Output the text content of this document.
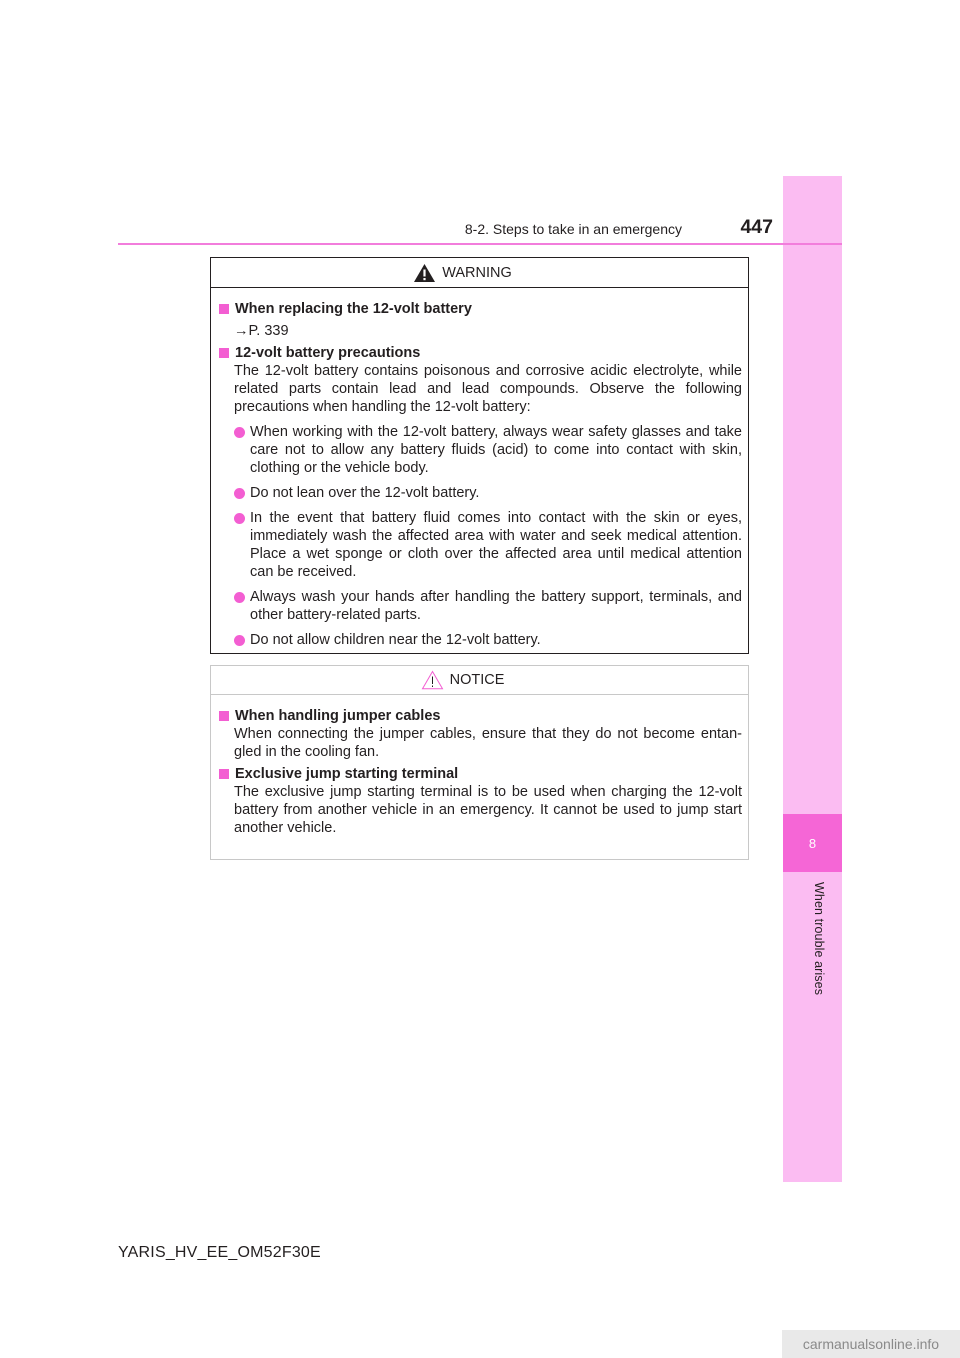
8
When trouble arises
8-2. Steps to take in an emergency	447
WARNING
When replacing the 12-volt battery
→P. 339
12-volt battery precautions
The 12-volt battery contains poisonous and corrosive acidic electrolyte, while related parts contain lead and lead compounds. Observe the following precautions when handling the 12-volt battery:
When working with the 12-volt battery, always wear safety glasses and take care not to allow any battery fluids (acid) to come into contact with skin, clothing or the vehicle body.
Do not lean over the 12-volt battery.
In the event that battery fluid comes into contact with the skin or eyes, immediately wash the affected area with water and seek medical attention. Place a wet sponge or cloth over the affected area until medical attention can be received.
Always wash your hands after handling the battery support, terminals, and other battery-related parts.
Do not allow children near the 12-volt battery.
NOTICE
When handling jumper cables
When connecting the jumper cables, ensure that they do not become entan-gled in the cooling fan.
Exclusive jump starting terminal
The exclusive jump starting terminal is to be used when charging the 12-volt battery from another vehicle in an emergency. It cannot be used to jump start another vehicle.
YARIS_HV_EE_OM52F30E
carmanualsonline.info
